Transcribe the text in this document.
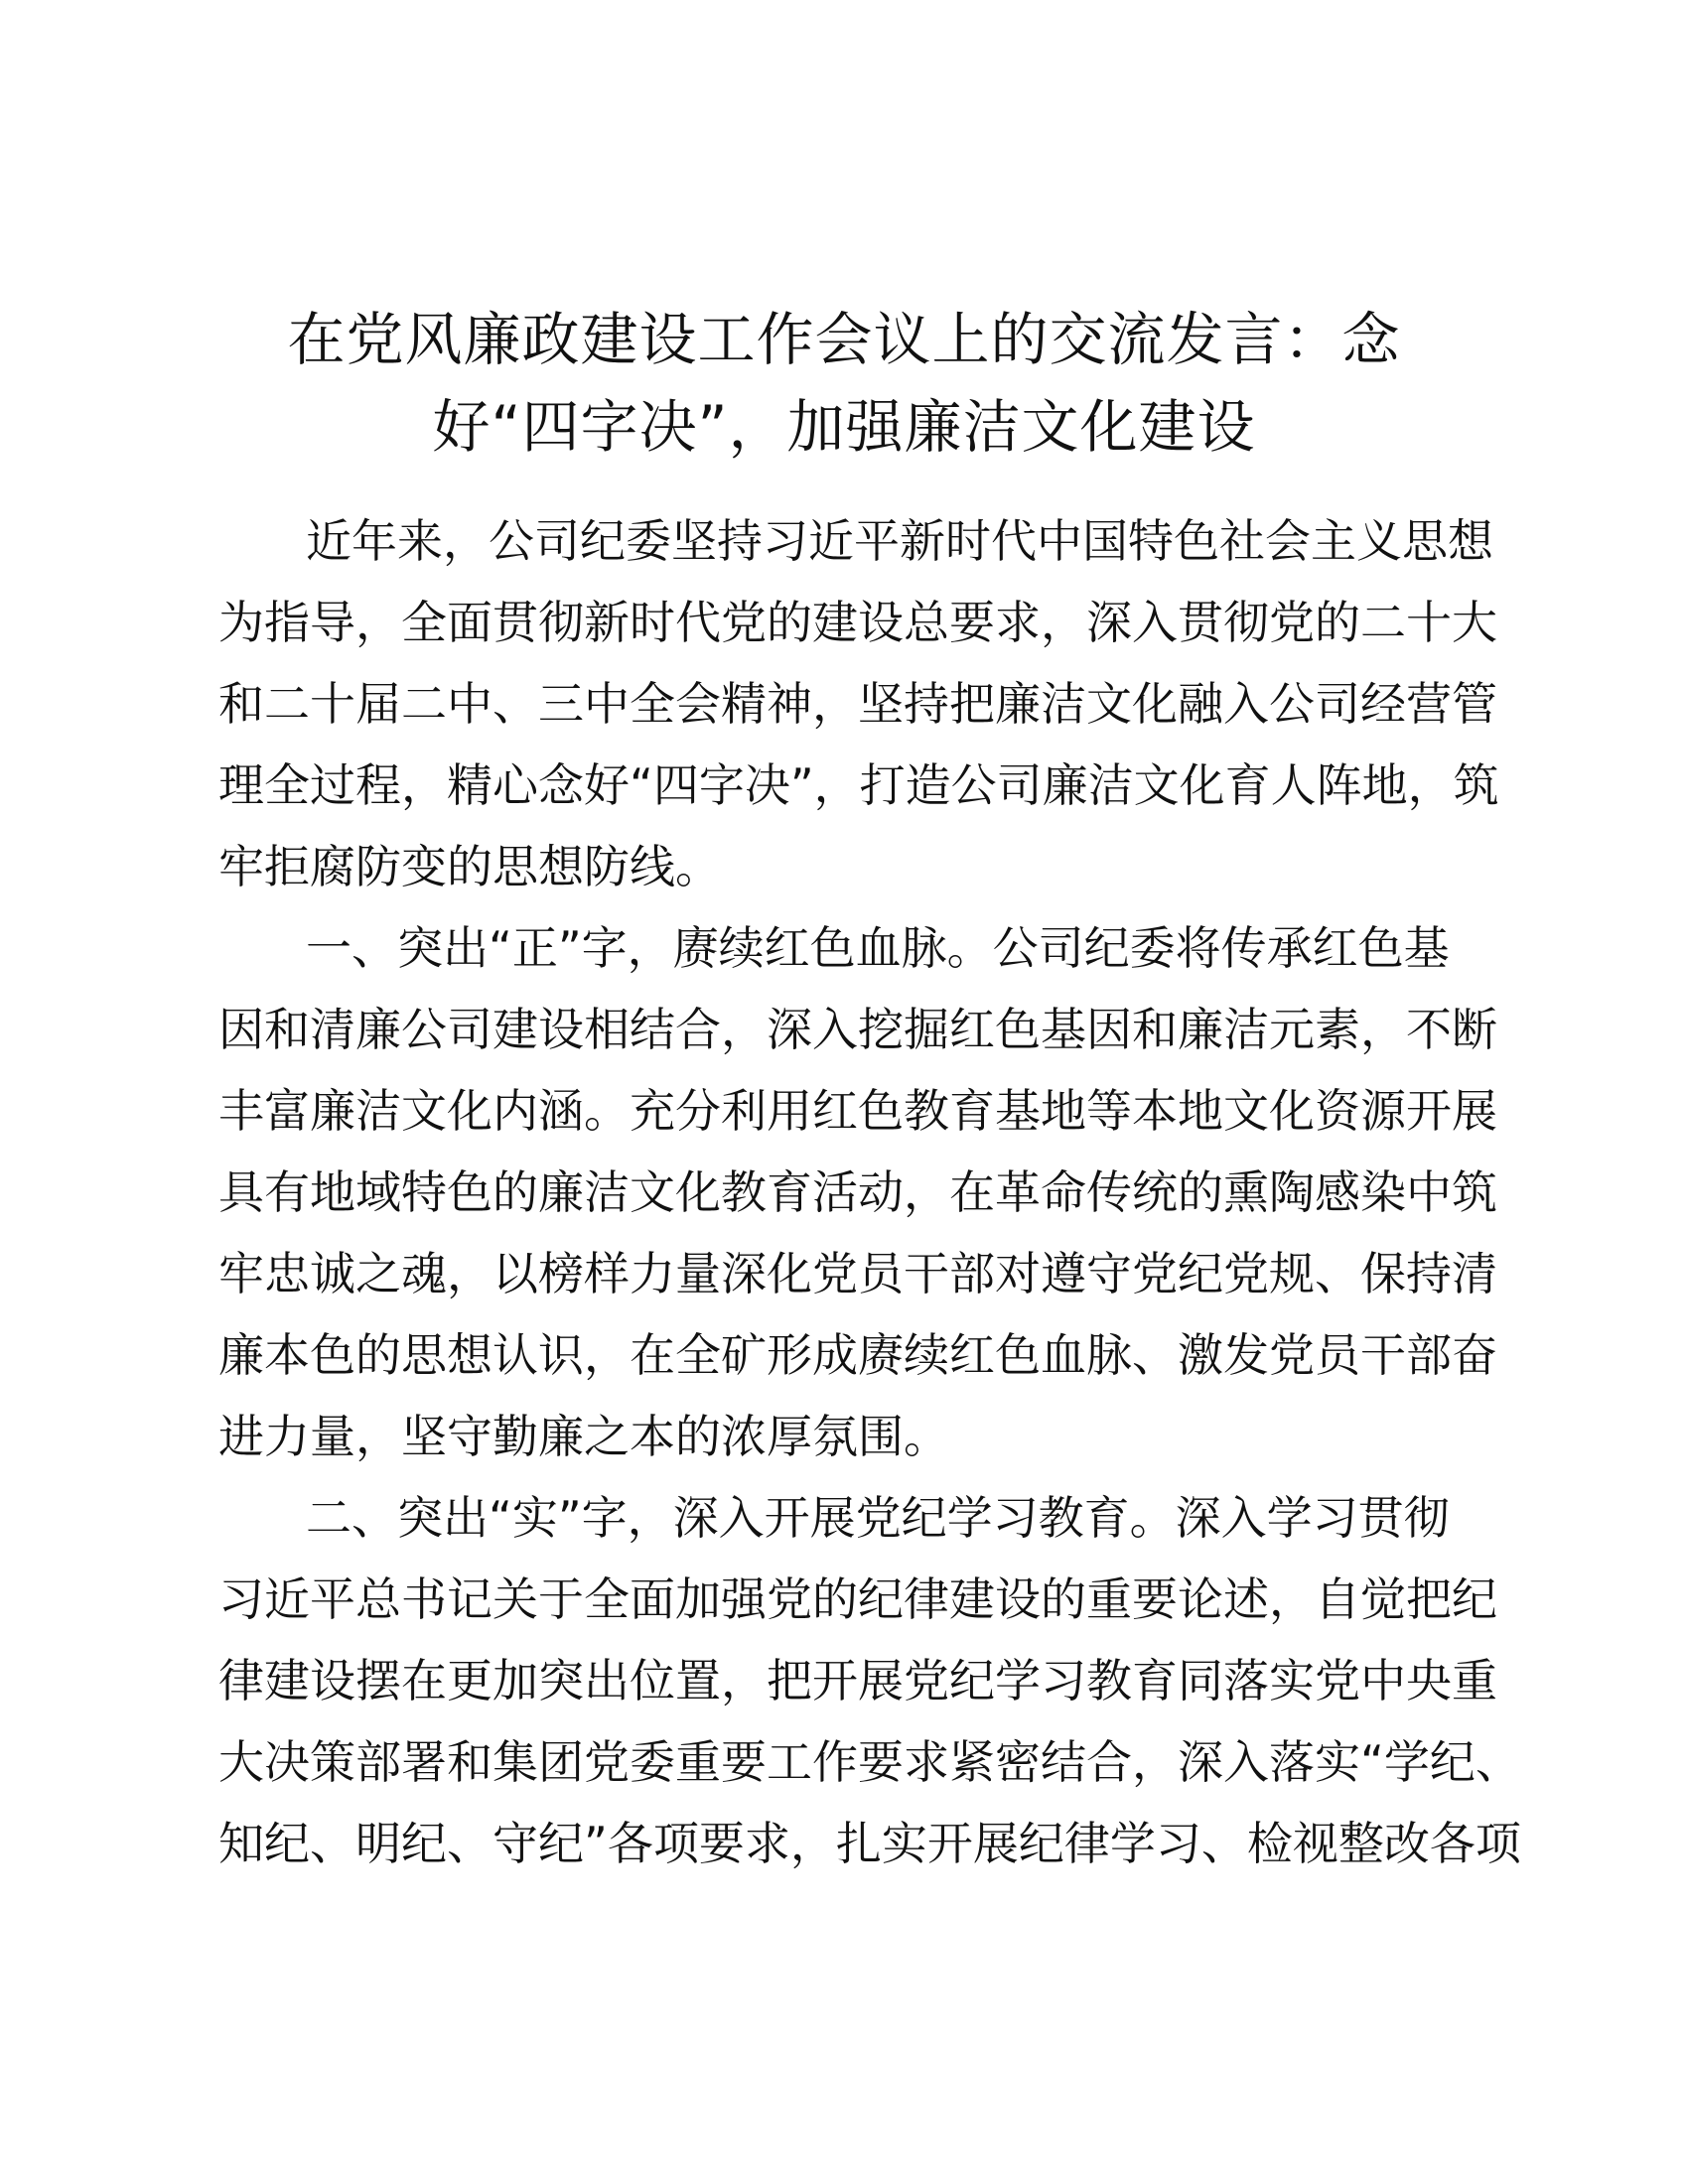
在党风廉政建设工作会议上的交流发言：念
好“四字决”，加强廉洁文化建设

近年来，公司纪委坚持习近平新时代中国特色社会主义思想
为指导，全面贯彻新时代党的建设总要求，深入贯彻党的二十大
和二十届二中、三中全会精神，坚持把廉洁文化融入公司经营管
理全过程，精心念好“四字决”，打造公司廉洁文化育人阵地，筑
牢拒腐防变的思想防线。

一、突出“正”字，赓续红色血脉。公司纪委将传承红色基
因和清廉公司建设相结合，深入挖掘红色基因和廉洁元素，不断
丰富廉洁文化内涵。充分利用红色教育基地等本地文化资源开展
具有地域特色的廉洁文化教育活动，在革命传统的熏陶感染中筑
牢忠诚之魂，以榜样力量深化党员干部对遵守党纪党规、保持清
廉本色的思想认识，在全矿形成赓续红色血脉、激发党员干部奋
进力量，坚守勤廉之本的浓厚氛围。

二、突出“实”字，深入开展党纪学习教育。深入学习贯彻
习近平总书记关于全面加强党的纪律建设的重要论述，自觉把纪
律建设摆在更加突出位置，把开展党纪学习教育同落实党中央重
大决策部署和集团党委重要工作要求紧密结合，深入落实“学纪、
知纪、明纪、守纪”各项要求，扎实开展纪律学习、检视整改各项
